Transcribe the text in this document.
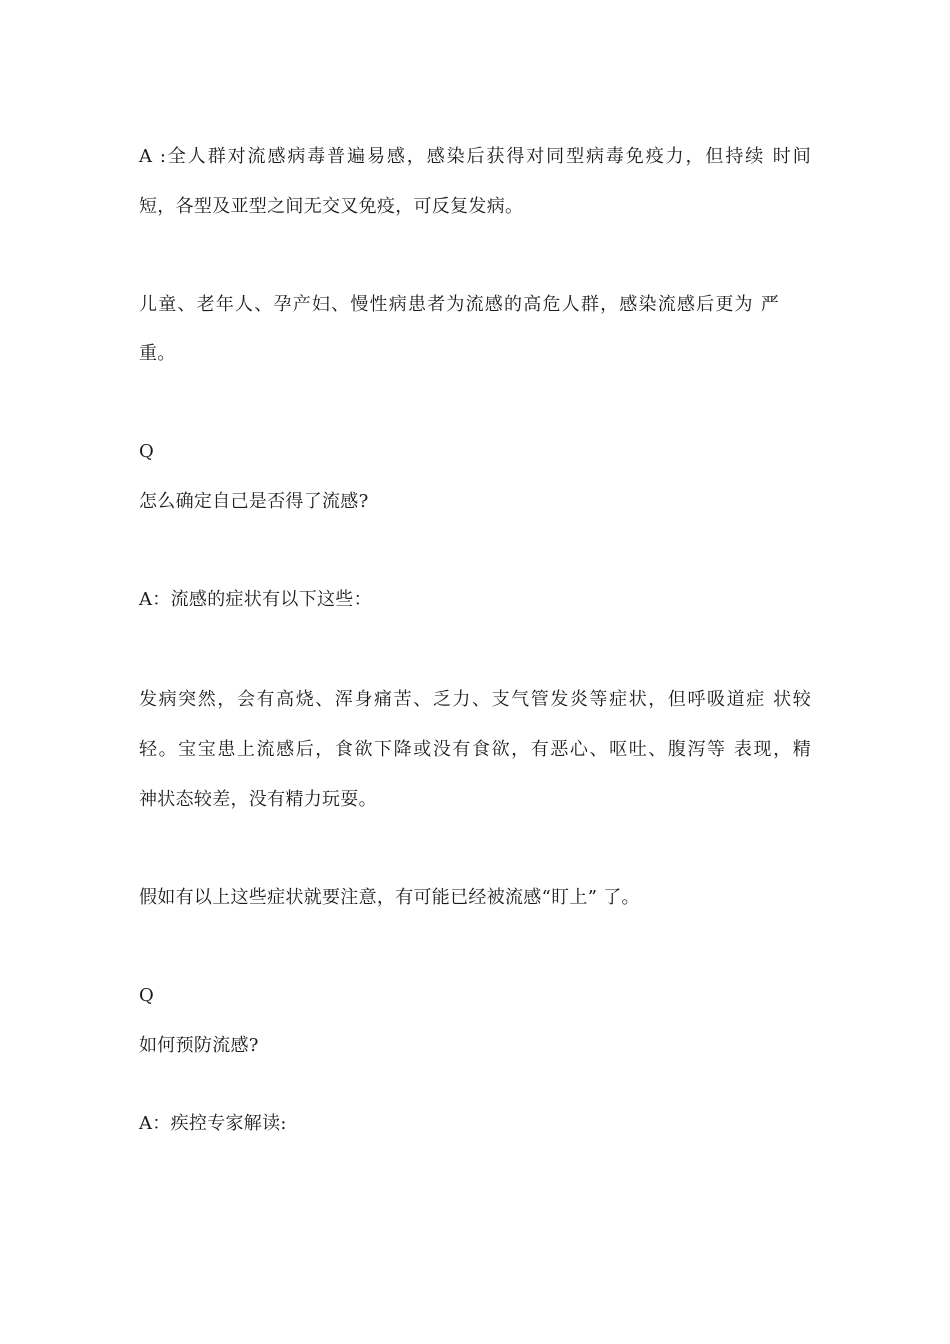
A :全人群对流感病毒普遍易感，感染后获得对同型病毒免疫力，但持续 时间
短，各型及亚型之间无交叉免疫，可反复发病。
儿童、老年人、孕产妇、慢性病患者为流感的高危人群，感染流感后更为 严
重。
Q
怎么确定自己是否得了流感?
A：流感的症状有以下这些：
发病突然，会有高烧、浑身痛苦、乏力、支气管发炎等症状，但呼吸道症 状较
轻。宝宝患上流感后，食欲下降或没有食欲，有恶心、呕吐、腹泻等 表现，精
神状态较差，没有精力玩耍。
假如有以上这些症状就要注意，有可能已经被流感“盯上” 了。
Q
如何预防流感?
A：疾控专家解读:
